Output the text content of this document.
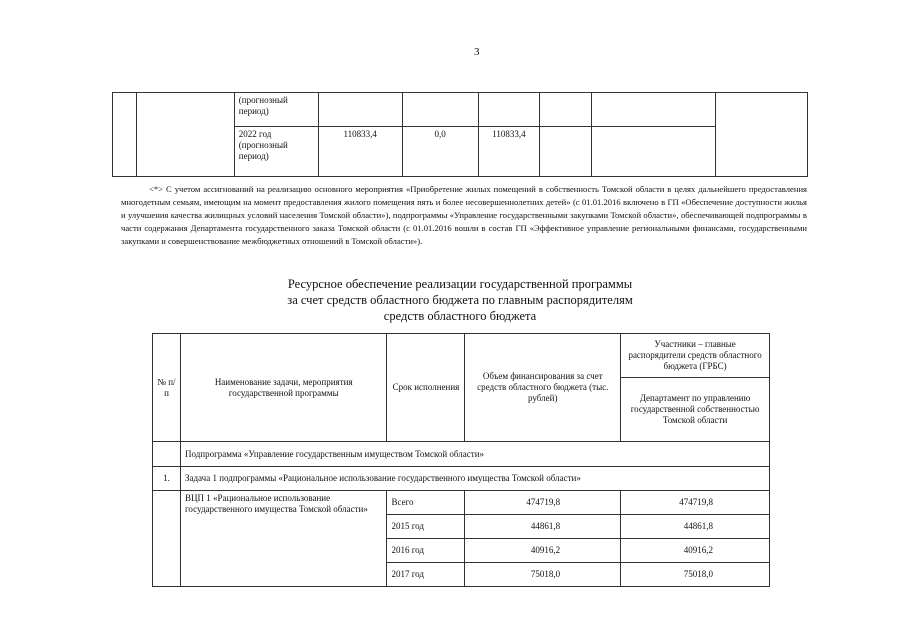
3
		(прогнозный период)						
		2022 год (прогнозный период)	110833,4	0,0	110833,4			

<*> С учетом ассигнований на реализацию основного мероприятия «Приобретение жилых помещений в собственность Томской области в целях дальнейшего предоставления многодетным семьям, имеющим на момент предоставления жилого помещения пять и более несовершеннолетних детей» (с 01.01.2016 включено в ГП «Обеспечение доступности жилья и улучшения качества жилищных условий населения Томской области»), подпрограммы «Управление государственными закупками Томской области», обеспечивающей подпрограммы в части содержания Департамента государственного заказа Томской области (с 01.01.2016 вошли в состав ГП «Эффективное управление региональными финансами, государственными закупками и совершенствование межбюджетных отношений в Томской области»).

Ресурсное обеспечение реализации государственной программы
за счет средств областного бюджета по главным распорядителям
средств областного бюджета
№ п/п	Наименование задачи, мероприятия государственной программы	Срок исполнения	Объем финансирования за счет средств областного бюджета (тыс. рублей)	Участники – главные распорядители средств областного бюджета (ГРБС)
				Департамент по управлению государственной собственностью Томской области
	Подпрограмма «Управление государственным имуществом Томской области»			
1.	Задача 1 подпрограммы «Рациональное использование государственного имущества Томской области»			
	ВЦП 1 «Рациональное использование государственного имущества Томской области»	Всего	474719,8	474719,8
		2015 год	44861,8	44861,8
		2016 год	40916,2	40916,2
		2017 год	75018,0	75018,0
